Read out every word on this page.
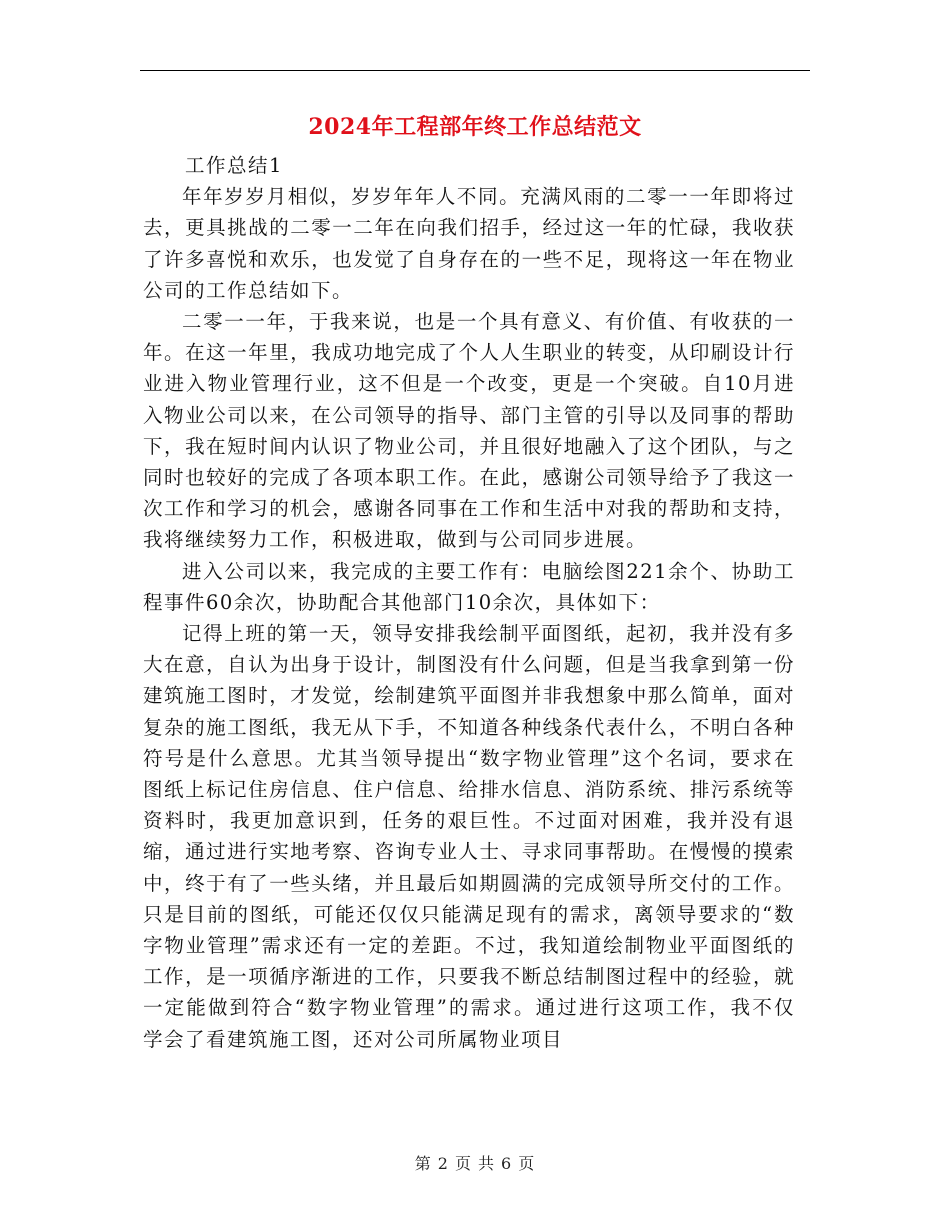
2024年工程部年终工作总结范文

工作总结1

年年岁岁月相似，岁岁年年人不同。充满风雨的二零一一年即将过去，更具挑战的二零一二年在向我们招手，经过这一年的忙碌，我收获了许多喜悦和欢乐，也发觉了自身存在的一些不足，现将这一年在物业公司的工作总结如下。

二零一一年，于我来说，也是一个具有意义、有价值、有收获的一年。在这一年里，我成功地完成了个人人生职业的转变，从印刷设计行业进入物业管理行业，这不但是一个改变，更是一个突破。自10月进入物业公司以来，在公司领导的指导、部门主管的引导以及同事的帮助下，我在短时间内认识了物业公司，并且很好地融入了这个团队，与之同时也较好的完成了各项本职工作。在此，感谢公司领导给予了我这一次工作和学习的机会，感谢各同事在工作和生活中对我的帮助和支持，我将继续努力工作，积极进取，做到与公司同步进展。

进入公司以来，我完成的主要工作有：电脑绘图221余个、协助工程事件60余次，协助配合其他部门10余次，具体如下：

记得上班的第一天，领导安排我绘制平面图纸，起初，我并没有多大在意，自认为出身于设计，制图没有什么问题，但是当我拿到第一份建筑施工图时，才发觉，绘制建筑平面图并非我想象中那么简单，面对复杂的施工图纸，我无从下手，不知道各种线条代表什么，不明白各种符号是什么意思。尤其当领导提出“数字物业管理”这个名词，要求在图纸上标记住房信息、住户信息、给排水信息、消防系统、排污系统等资料时，我更加意识到，任务的艰巨性。不过面对困难，我并没有退缩，通过进行实地考察、咨询专业人士、寻求同事帮助。在慢慢的摸索中，终于有了一些头绪，并且最后如期圆满的完成领导所交付的工作。只是目前的图纸，可能还仅仅只能满足现有的需求，离领导要求的“数字物业管理”需求还有一定的差距。不过，我知道绘制物业平面图纸的工作，是一项循序渐进的工作，只要我不断总结制图过程中的经验，就一定能做到符合“数字物业管理”的需求。通过进行这项工作，我不仅学会了看建筑施工图，还对公司所属物业项目

第 2 页 共 6 页
